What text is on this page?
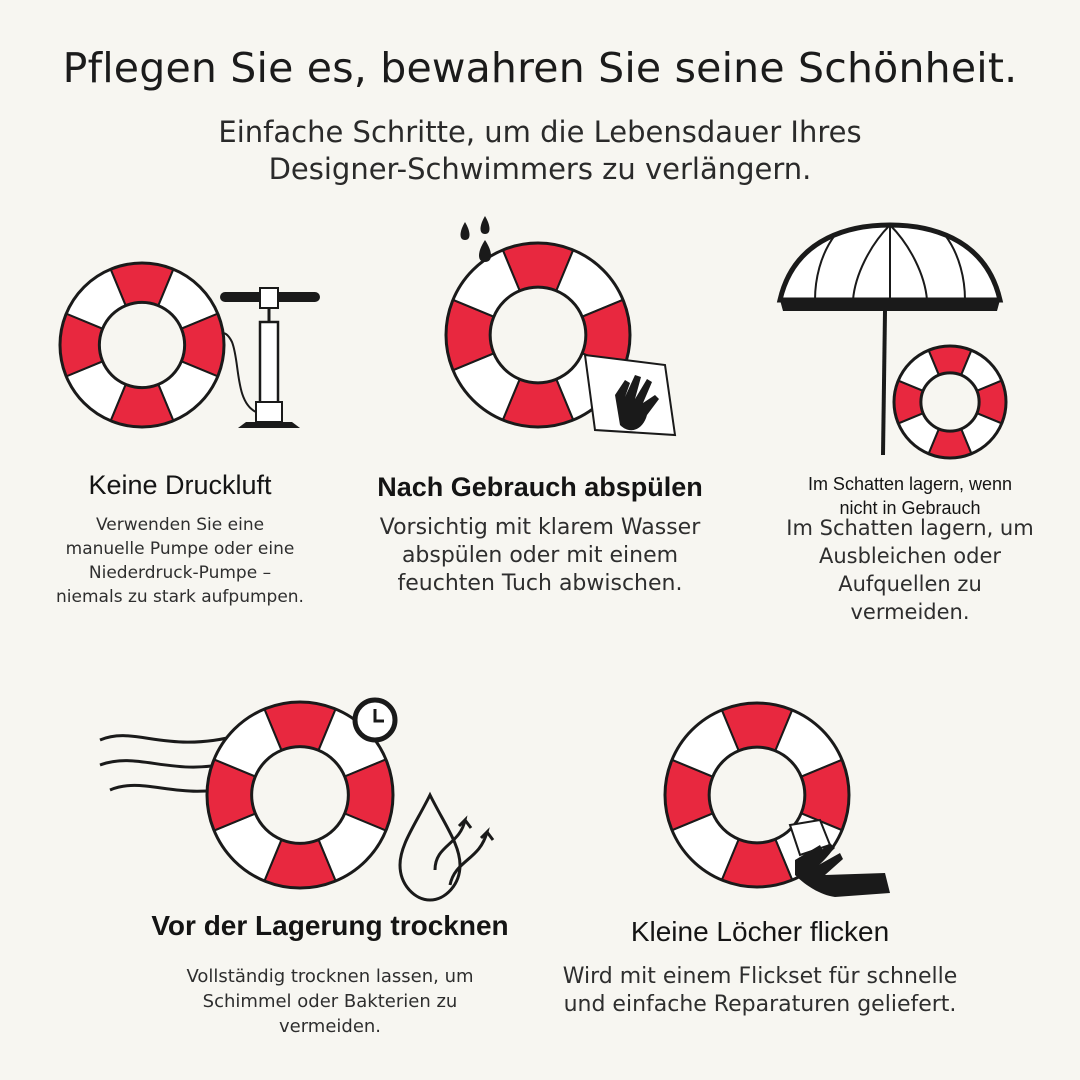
Pflegen Sie es, bewahren Sie seine Schönheit.
Einfache Schritte, um die Lebensdauer Ihres
Designer-Schwimmers zu verlängern.
Keine Druckluft
Verwenden Sie eine
manuelle Pumpe oder eine
Niederdruck-Pumpe –
niemals zu stark aufpumpen.
Nach Gebrauch abspülen
Vorsichtig mit klarem Wasser
abspülen oder mit einem
feuchten Tuch abwischen.
Im Schatten lagern, wenn
nicht in Gebrauch
Im Schatten lagern, um
Ausbleichen oder
Aufquellen zu
vermeiden.
Vor der Lagerung trocknen
Vollständig trocknen lassen, um
Schimmel oder Bakterien zu
vermeiden.
Kleine Löcher flicken
Wird mit einem Flickset für schnelle
und einfache Reparaturen geliefert.
